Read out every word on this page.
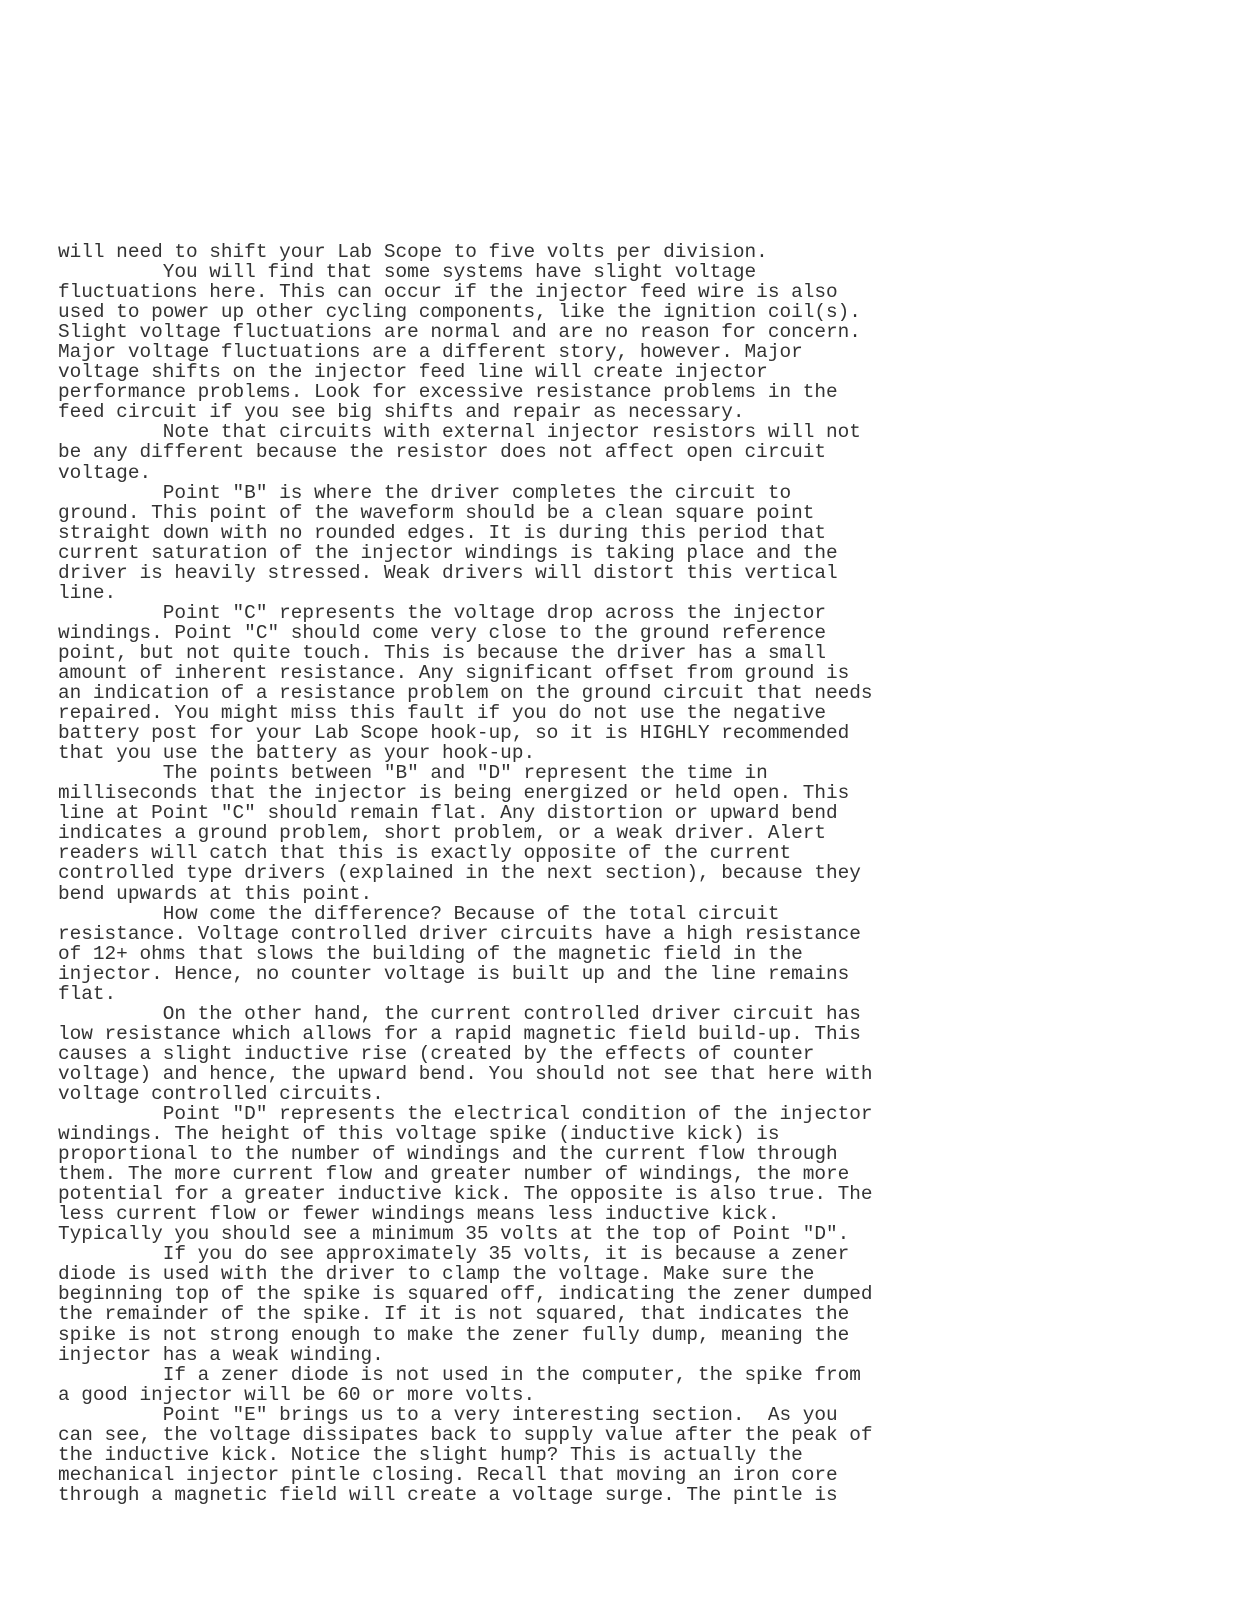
will need to shift your Lab Scope to five volts per division.
You will find that some systems have slight voltage
fluctuations here. This can occur if the injector feed wire is also
used to power up other cycling components, like the ignition coil(s).
Slight voltage fluctuations are normal and are no reason for concern.
Major voltage fluctuations are a different story, however. Major
voltage shifts on the injector feed line will create injector
performance problems. Look for excessive resistance problems in the
feed circuit if you see big shifts and repair as necessary.
Note that circuits with external injector resistors will not
be any different because the resistor does not affect open circuit
voltage.
Point "B" is where the driver completes the circuit to
ground. This point of the waveform should be a clean square point
straight down with no rounded edges. It is during this period that
current saturation of the injector windings is taking place and the
driver is heavily stressed. Weak drivers will distort this vertical
line.
Point "C" represents the voltage drop across the injector
windings. Point "C" should come very close to the ground reference
point, but not quite touch. This is because the driver has a small
amount of inherent resistance. Any significant offset from ground is
an indication of a resistance problem on the ground circuit that needs
repaired. You might miss this fault if you do not use the negative
battery post for your Lab Scope hook-up, so it is HIGHLY recommended
that you use the battery as your hook-up.
The points between "B" and "D" represent the time in
milliseconds that the injector is being energized or held open. This
line at Point "C" should remain flat. Any distortion or upward bend
indicates a ground problem, short problem, or a weak driver. Alert
readers will catch that this is exactly opposite of the current
controlled type drivers (explained in the next section), because they
bend upwards at this point.
How come the difference? Because of the total circuit
resistance. Voltage controlled driver circuits have a high resistance
of 12+ ohms that slows the building of the magnetic field in the
injector. Hence, no counter voltage is built up and the line remains
flat.
On the other hand, the current controlled driver circuit has
low resistance which allows for a rapid magnetic field build-up. This
causes a slight inductive rise (created by the effects of counter
voltage) and hence, the upward bend. You should not see that here with
voltage controlled circuits.
Point "D" represents the electrical condition of the injector
windings. The height of this voltage spike (inductive kick) is
proportional to the number of windings and the current flow through
them. The more current flow and greater number of windings, the more
potential for a greater inductive kick. The opposite is also true. The
less current flow or fewer windings means less inductive kick.
Typically you should see a minimum 35 volts at the top of Point "D".
If you do see approximately 35 volts, it is because a zener
diode is used with the driver to clamp the voltage. Make sure the
beginning top of the spike is squared off, indicating the zener dumped
the remainder of the spike. If it is not squared, that indicates the
spike is not strong enough to make the zener fully dump, meaning the
injector has a weak winding.
If a zener diode is not used in the computer, the spike from
a good injector will be 60 or more volts.
Point "E" brings us to a very interesting section.  As you
can see, the voltage dissipates back to supply value after the peak of
the inductive kick. Notice the slight hump? This is actually the
mechanical injector pintle closing. Recall that moving an iron core
through a magnetic field will create a voltage surge. The pintle is
